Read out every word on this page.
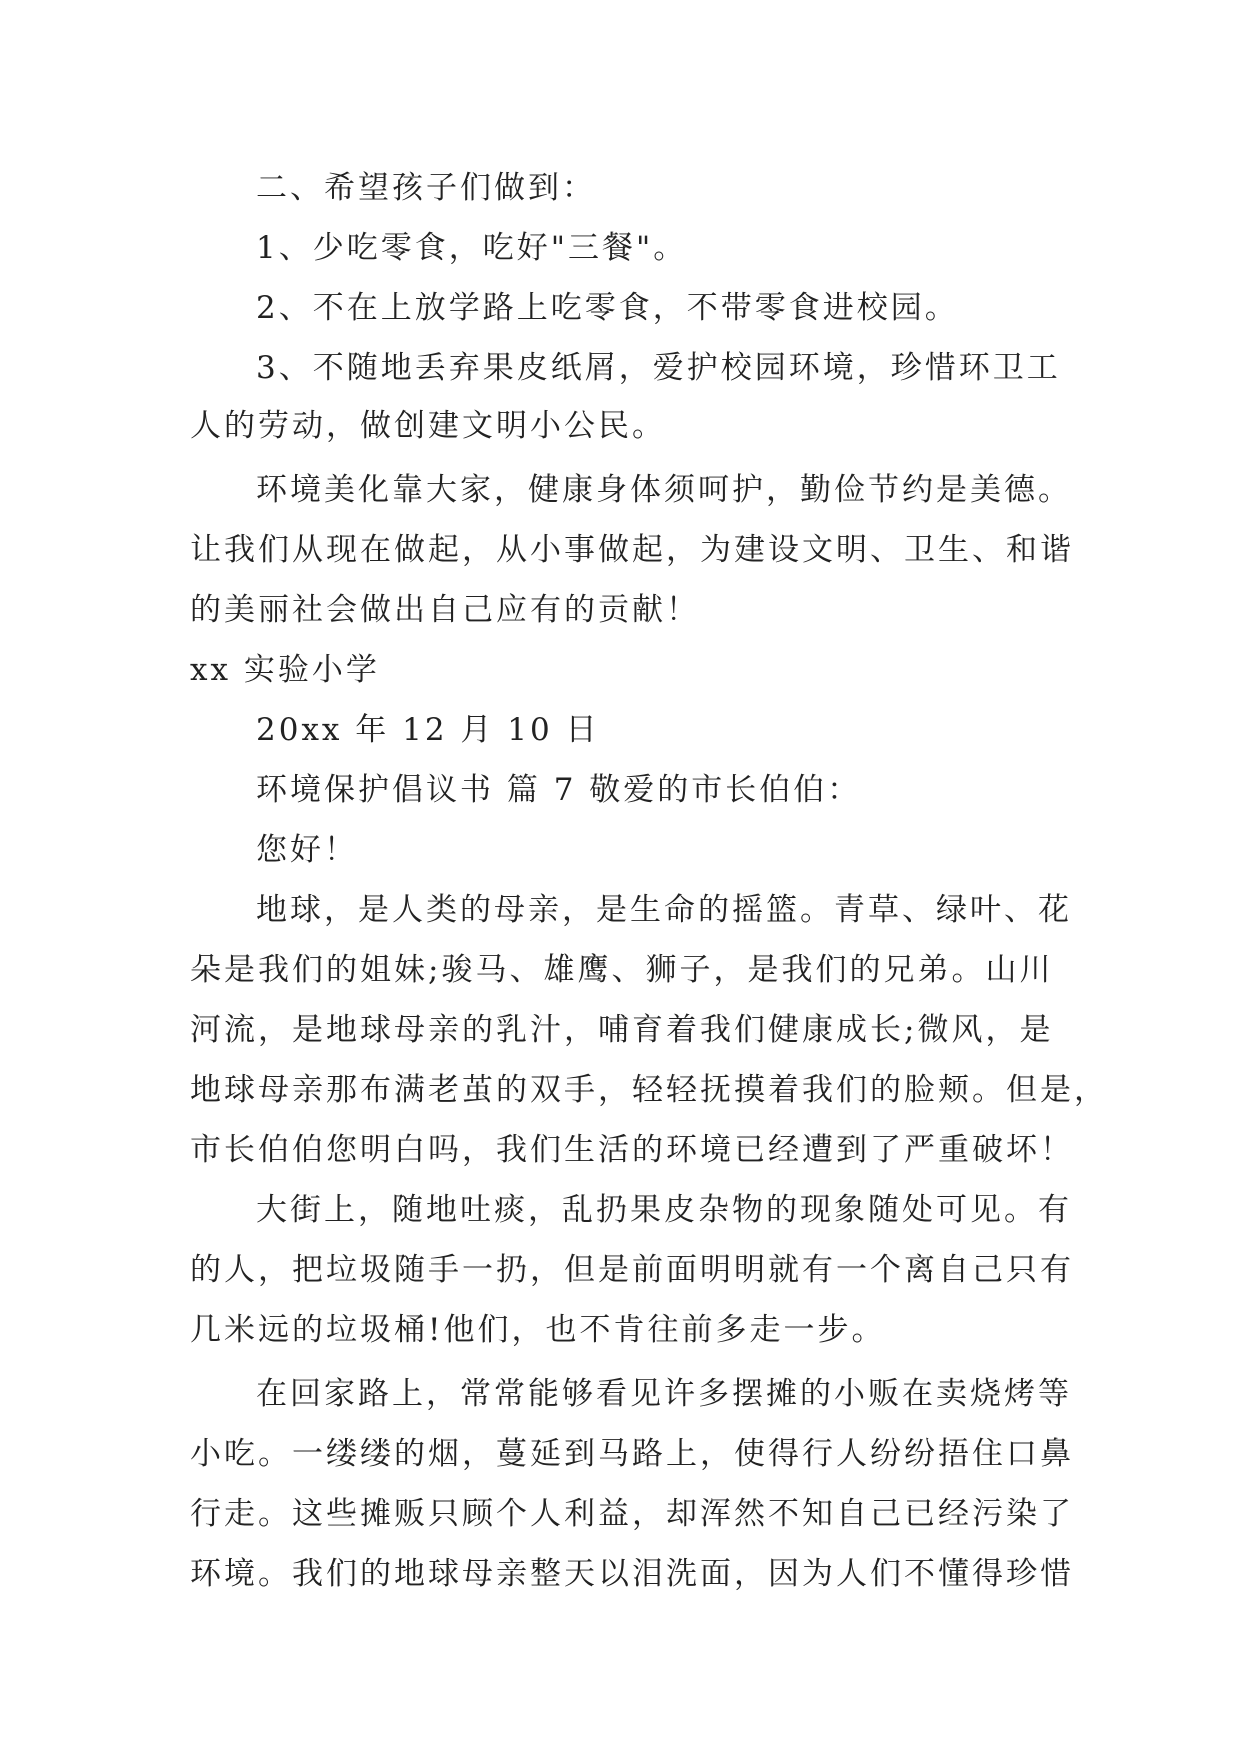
二、希望孩子们做到：
1、少吃零食，吃好"三餐"。
2、不在上放学路上吃零食，不带零食进校园。
3、不随地丢弃果皮纸屑，爱护校园环境，珍惜环卫工
人的劳动，做创建文明小公民。
环境美化靠大家，健康身体须呵护，勤俭节约是美德。
让我们从现在做起，从小事做起，为建设文明、卫生、和谐
的美丽社会做出自己应有的贡献！
xx 实验小学
20xx 年 12 月 10 日
环境保护倡议书 篇 7 敬爱的市长伯伯：
您好！
地球，是人类的母亲，是生命的摇篮。青草、绿叶、花
朵是我们的姐妹;骏马、雄鹰、狮子，是我们的兄弟。山川
河流，是地球母亲的乳汁，哺育着我们健康成长;微风，是
地球母亲那布满老茧的双手，轻轻抚摸着我们的脸颊。但是，
市长伯伯您明白吗，我们生活的环境已经遭到了严重破坏！
大街上，随地吐痰，乱扔果皮杂物的现象随处可见。有
的人，把垃圾随手一扔，但是前面明明就有一个离自己只有
几米远的垃圾桶!他们，也不肯往前多走一步。
在回家路上，常常能够看见许多摆摊的小贩在卖烧烤等
小吃。一缕缕的烟，蔓延到马路上，使得行人纷纷捂住口鼻
行走。这些摊贩只顾个人利益，却浑然不知自己已经污染了
环境。我们的地球母亲整天以泪洗面，因为人们不懂得珍惜
